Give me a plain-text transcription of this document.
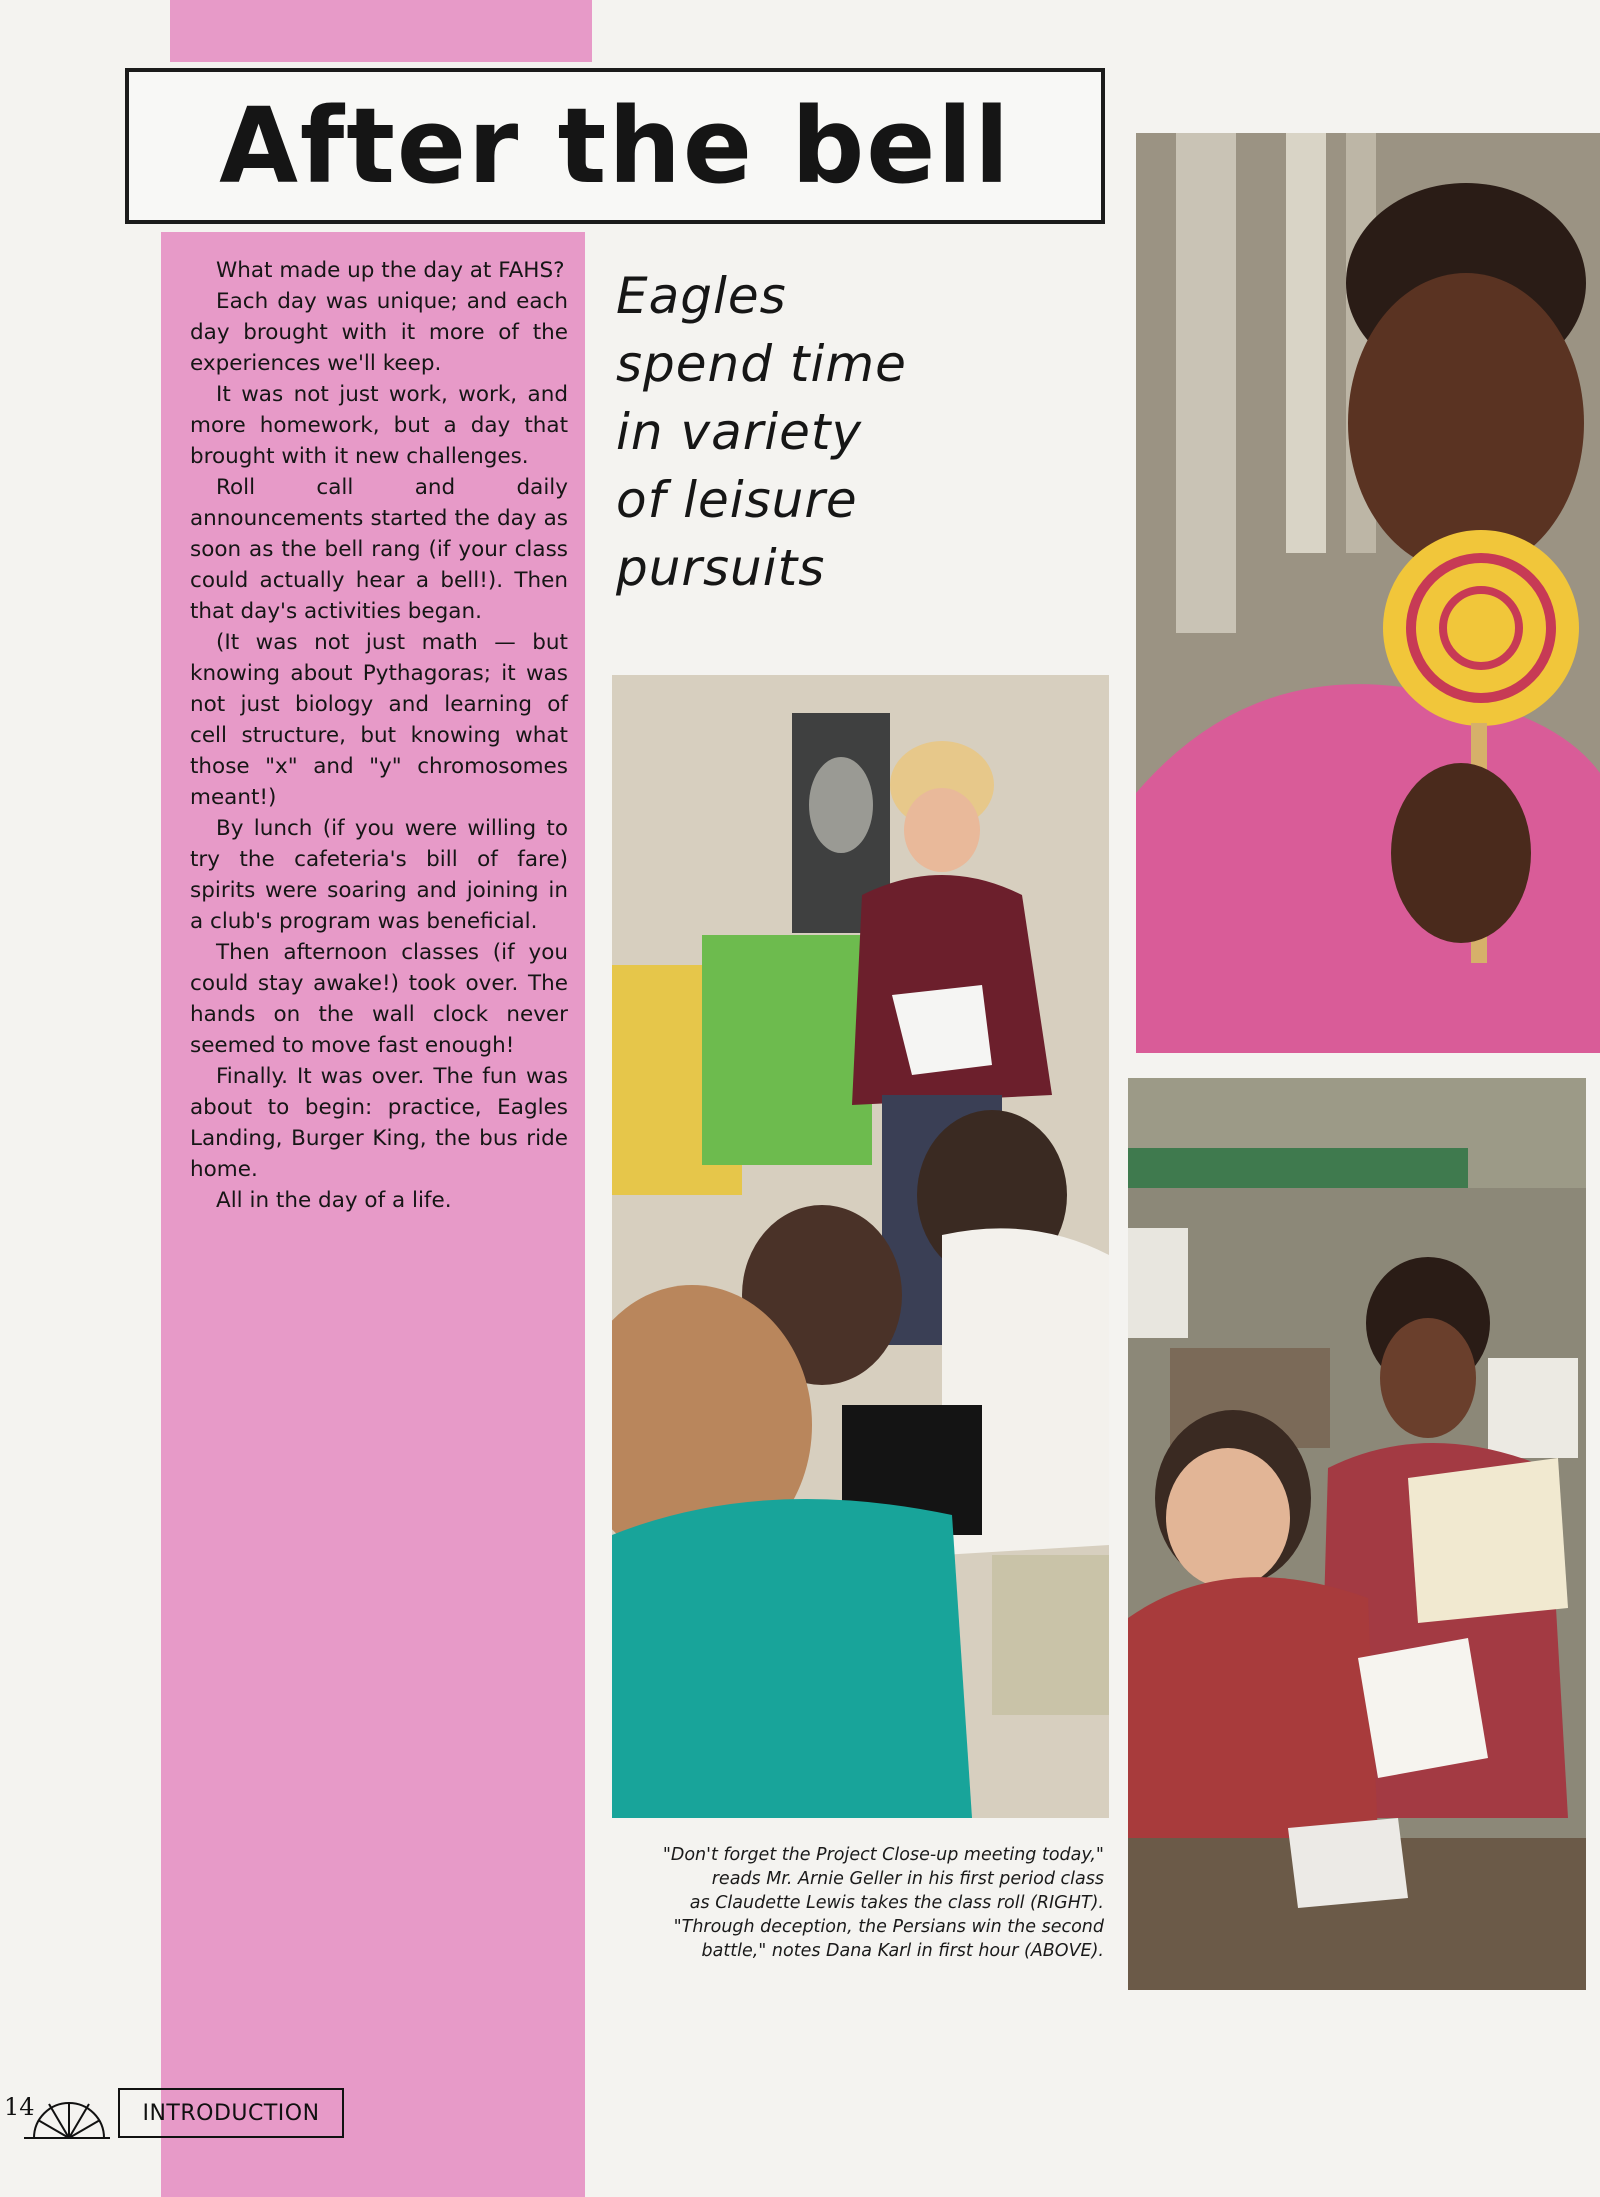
After the bell

What made up the day at FAHS?

Each day was unique; and each day brought with it more of the experiences we'll keep.

It was not just work, work, and more homework, but a day that brought with it new challenges.

Roll call and daily announcements started the day as soon as the bell rang (if your class could actually hear a bell!). Then that day's activities began.

(It was not just math — but knowing about Pythagoras; it was not just biology and learning of cell structure, but knowing what those "x" and "y" chromosomes meant!)

By lunch (if you were willing to try the cafeteria's bill of fare) spirits were soaring and joining in a club's program was beneficial.

Then afternoon classes (if you could stay awake!) took over. The hands on the wall clock never seemed to move fast enough!

Finally. It was over. The fun was about to begin: practice, Eagles Landing, Burger King, the bus ride home.

All in the day of a life.

Eagles
spend time
in variety
of leisure
pursuits
"Don't forget the Project Close-up meeting today,"
reads Mr. Arnie Geller in his first period class
as Claudette Lewis takes the class roll (RIGHT).
"Through deception, the Persians win the second
battle," notes Dana Karl in first hour (ABOVE).
14	INTRODUCTION
